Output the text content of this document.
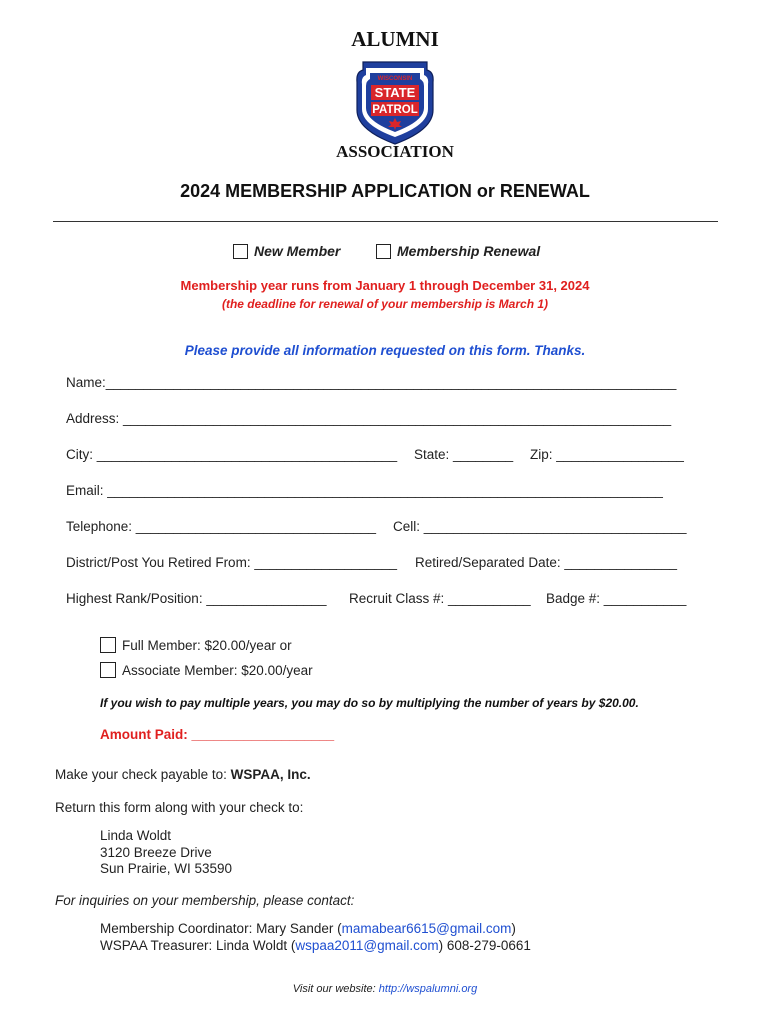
ALUMNI
WISCONSIN
STATE
PATROL
ASSOCIATION
2024 MEMBERSHIP APPLICATION or RENEWAL
New Member	Membership Renewal
Membership year runs from January 1 through December 31, 2024
(the deadline for renewal of your membership is March 1)
Please provide all information requested on this form. Thanks.
Name:____________________________________________________________________________
Address: _________________________________________________________________________
City: ________________________________________ State: ________ Zip: _________________
Email: __________________________________________________________________________
Telephone: ________________________________ Cell: ___________________________________
District/Post You Retired From: ___________________ Retired/Separated Date: _______________
Highest Rank/Position: ________________ Recruit Class #: ___________ Badge #: ___________
Full Member: $20.00/year or
Associate Member: $20.00/year
If you wish to pay multiple years, you may do so by multiplying the number of years by $20.00.
Amount Paid: ___________________
Make your check payable to: WSPAA, Inc.
Return this form along with your check to:
Linda Woldt
3120 Breeze Drive
Sun Prairie, WI 53590
For inquiries on your membership, please contact:
Membership Coordinator: Mary Sander (mamabear6615@gmail.com)
WSPAA Treasurer: Linda Woldt (wspaa2011@gmail.com) 608-279-0661
Visit our website: http://wspalumni.org
